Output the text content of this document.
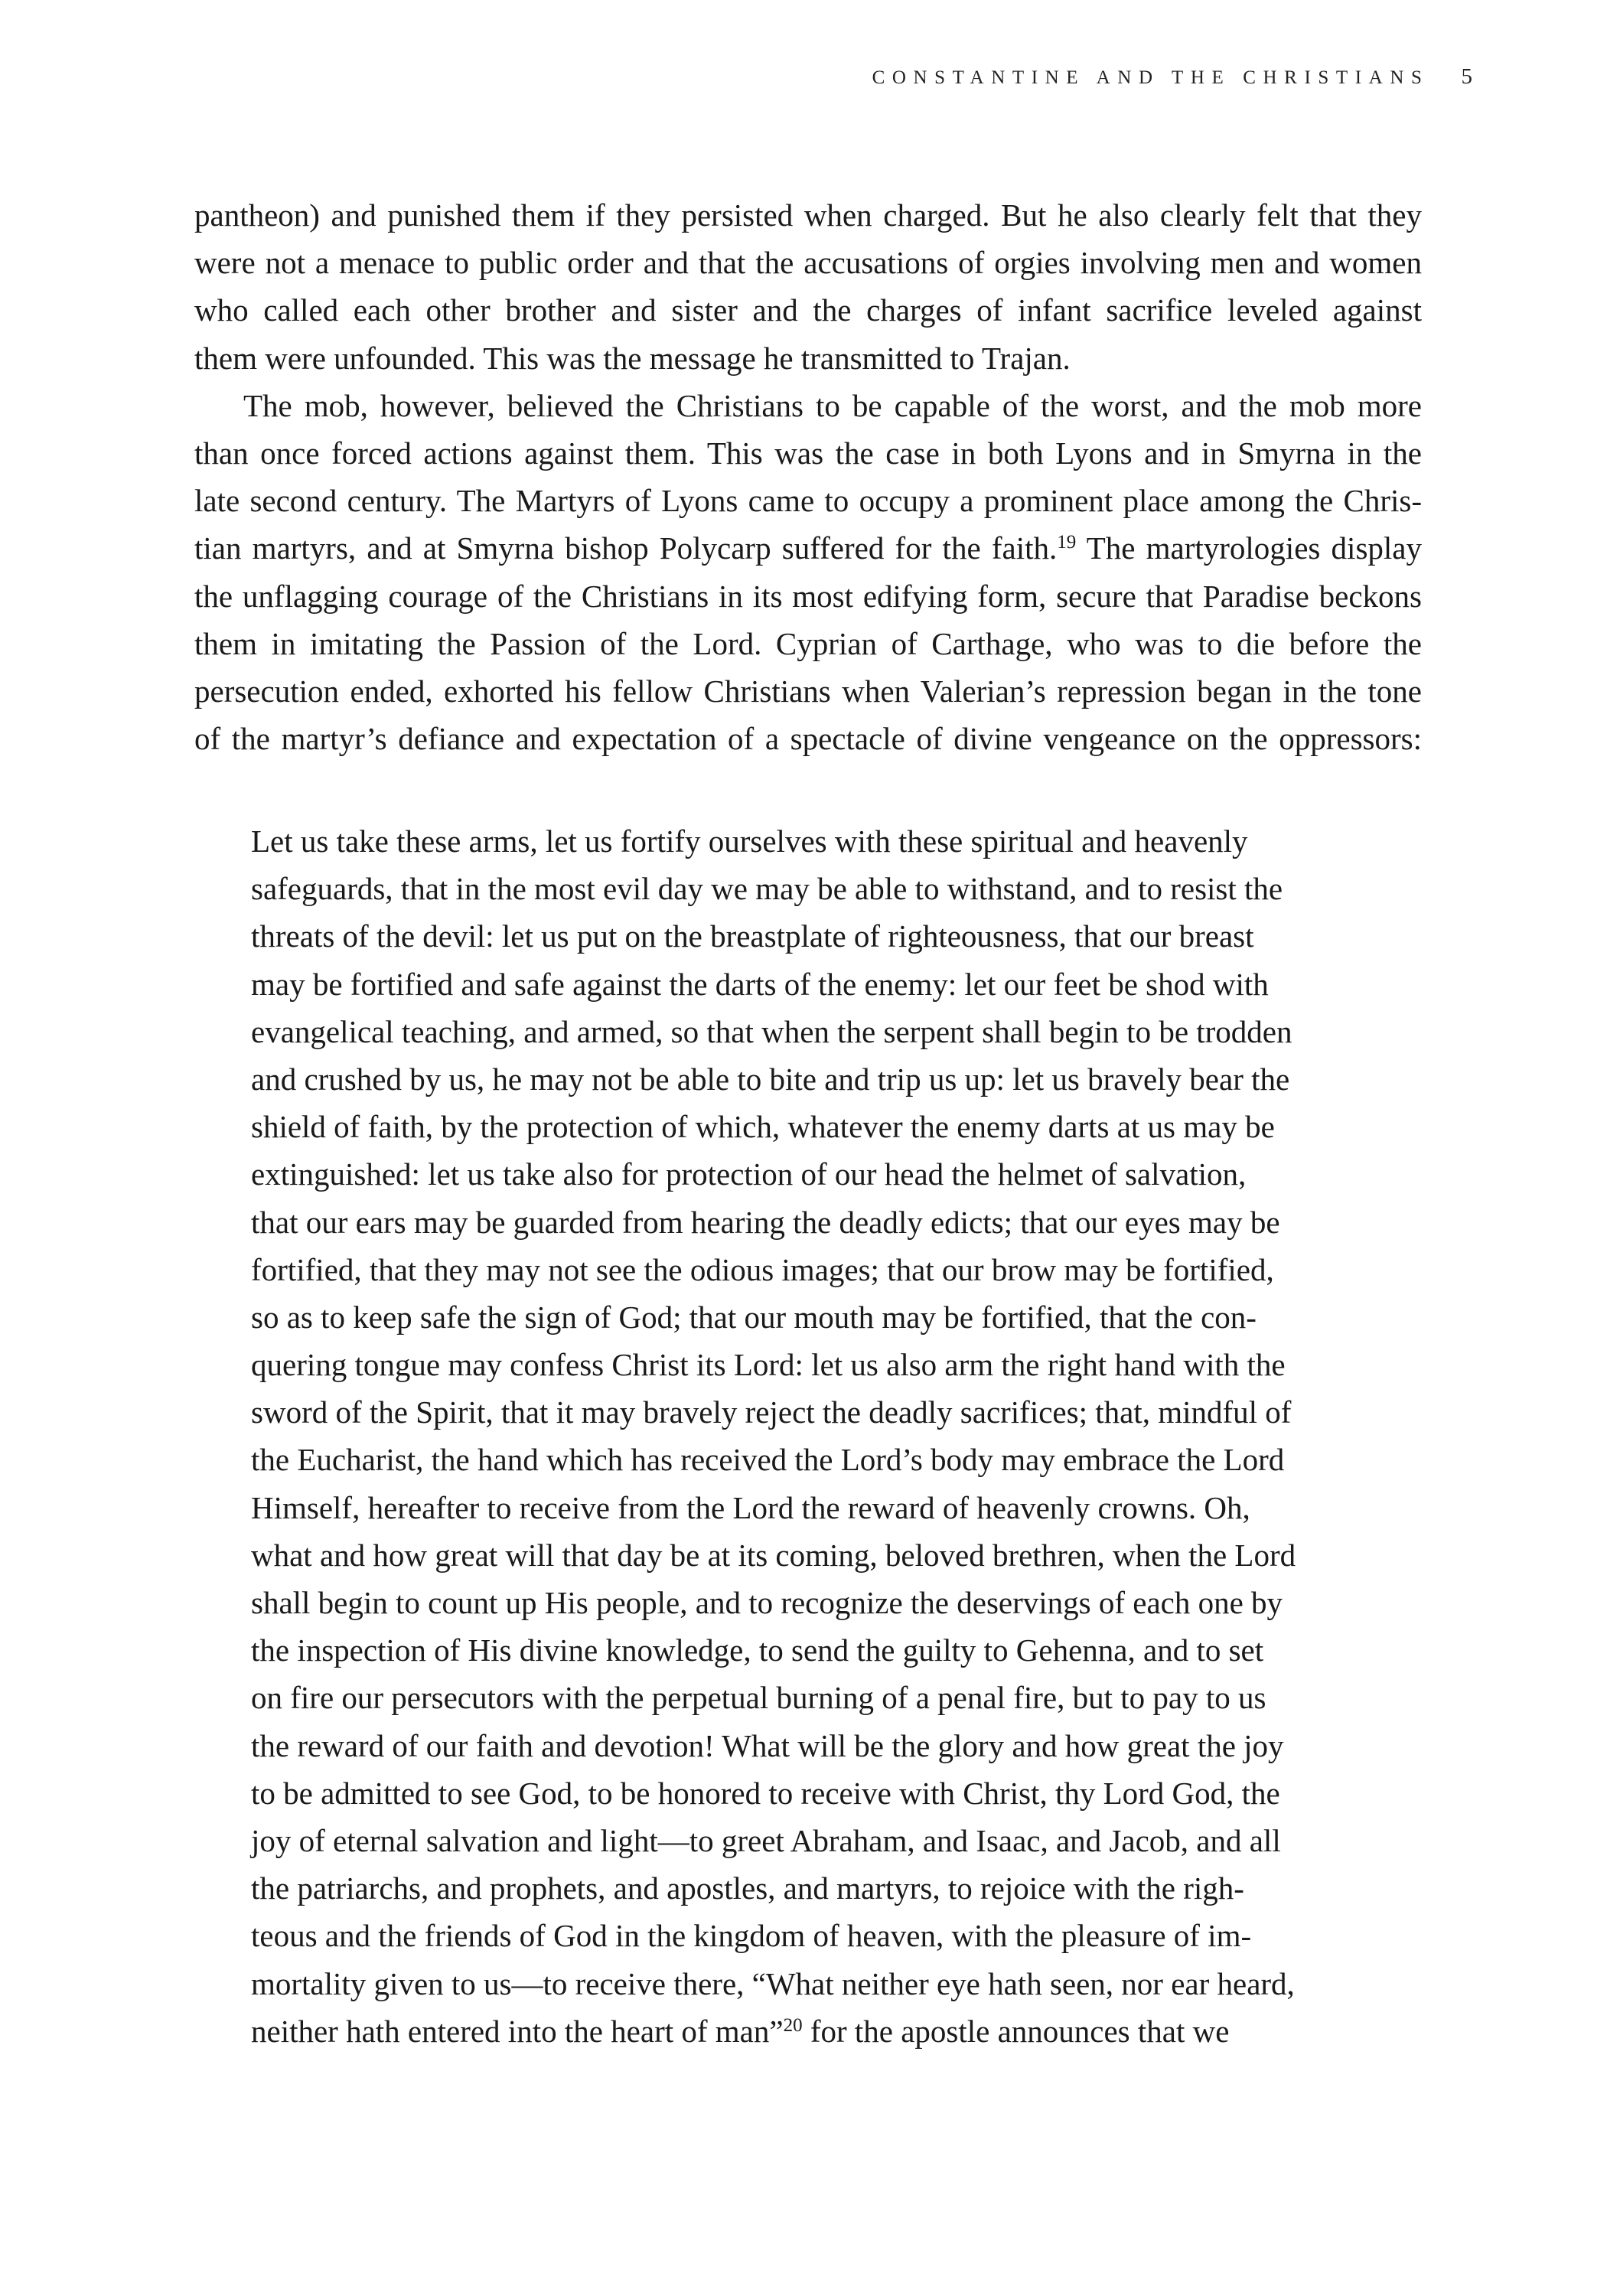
CONSTANTINE AND THE CHRISTIANS 5
pantheon) and punished them if they persisted when charged. But he also clearly felt that they
were not a menace to public order and that the accusations of orgies involving men and women
who called each other brother and sister and the charges of infant sacrifice leveled against
them were unfounded. This was the message he transmitted to Trajan.
The mob, however, believed the Christians to be capable of the worst, and the mob more
than once forced actions against them. This was the case in both Lyons and in Smyrna in the
late second century. The Martyrs of Lyons came to occupy a prominent place among the Chris-
tian martyrs, and at Smyrna bishop Polycarp suffered for the faith.$^{19}$ The martyrologies display
the unflagging courage of the Christians in its most edifying form, secure that Paradise beckons
them in imitating the Passion of the Lord. Cyprian of Carthage, who was to die before the
persecution ended, exhorted his fellow Christians when Valerian’s repression began in the tone
of the martyr’s defiance and expectation of a spectacle of divine vengeance on the oppressors:
Let us take these arms, let us fortify ourselves with these spiritual and heavenly
safeguards, that in the most evil day we may be able to withstand, and to resist the
threats of the devil: let us put on the breastplate of righteousness, that our breast
may be fortified and safe against the darts of the enemy: let our feet be shod with
evangelical teaching, and armed, so that when the serpent shall begin to be trodden
and crushed by us, he may not be able to bite and trip us up: let us bravely bear the
shield of faith, by the protection of which, whatever the enemy darts at us may be
extinguished: let us take also for protection of our head the helmet of salvation,
that our ears may be guarded from hearing the deadly edicts; that our eyes may be
fortified, that they may not see the odious images; that our brow may be fortified,
so as to keep safe the sign of God; that our mouth may be fortified, that the con-
quering tongue may confess Christ its Lord: let us also arm the right hand with the
sword of the Spirit, that it may bravely reject the deadly sacrifices; that, mindful of
the Eucharist, the hand which has received the Lord’s body may embrace the Lord
Himself, hereafter to receive from the Lord the reward of heavenly crowns. Oh,
what and how great will that day be at its coming, beloved brethren, when the Lord
shall begin to count up His people, and to recognize the deservings of each one by
the inspection of His divine knowledge, to send the guilty to Gehenna, and to set
on fire our persecutors with the perpetual burning of a penal fire, but to pay to us
the reward of our faith and devotion! What will be the glory and how great the joy
to be admitted to see God, to be honored to receive with Christ, thy Lord God, the
joy of eternal salvation and light—to greet Abraham, and Isaac, and Jacob, and all
the patriarchs, and prophets, and apostles, and martyrs, to rejoice with the righ-
teous and the friends of God in the kingdom of heaven, with the pleasure of im-
mortality given to us—to receive there, “What neither eye hath seen, nor ear heard,
neither hath entered into the heart of man”$^{20}$ for the apostle announces that we
